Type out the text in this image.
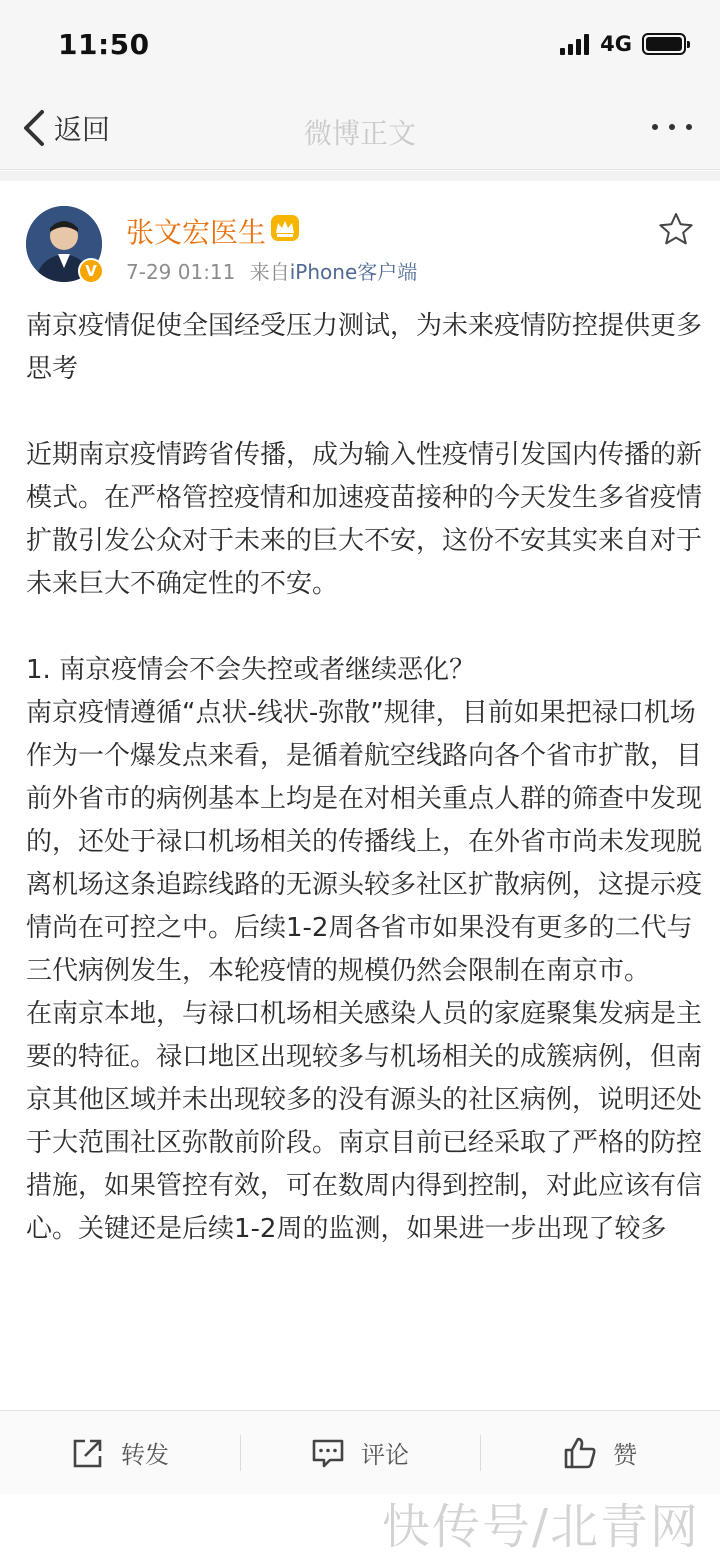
11:50	4G
返回	微博正文
V
张文宏医生
7-29 01:11 来自iPhone客户端
南京疫情促使全国经受压力测试，为未来疫情防控提供更多思考
近期南京疫情跨省传播，成为输入性疫情引发国内传播的新模式。在严格管控疫情和加速疫苗接种的今天发生多省疫情扩散引发公众对于未来的巨大不安，这份不安其实来自对于未来巨大不确定性的不安。
1. 南京疫情会不会失控或者继续恶化？
南京疫情遵循“点状-线状-弥散”规律，目前如果把禄口机场作为一个爆发点来看，是循着航空线路向各个省市扩散，目前外省市的病例基本上均是在对相关重点人群的筛查中发现的，还处于禄口机场相关的传播线上，在外省市尚未发现脱离机场这条追踪线路的无源头较多社区扩散病例，这提示疫情尚在可控之中。后续1-2周各省市如果没有更多的二代与三代病例发生，本轮疫情的规模仍然会限制在南京市。
在南京本地，与禄口机场相关感染人员的家庭聚集发病是主要的特征。禄口地区出现较多与机场相关的成簇病例，但南京其他区域并未出现较多的没有源头的社区病例，说明还处于大范围社区弥散前阶段。南京目前已经采取了严格的防控措施，如果管控有效，可在数周内得到控制，对此应该有信心。关键还是后续1-2周的监测，如果进一步出现了较多
转发	评论	赞
快传号/北青网
